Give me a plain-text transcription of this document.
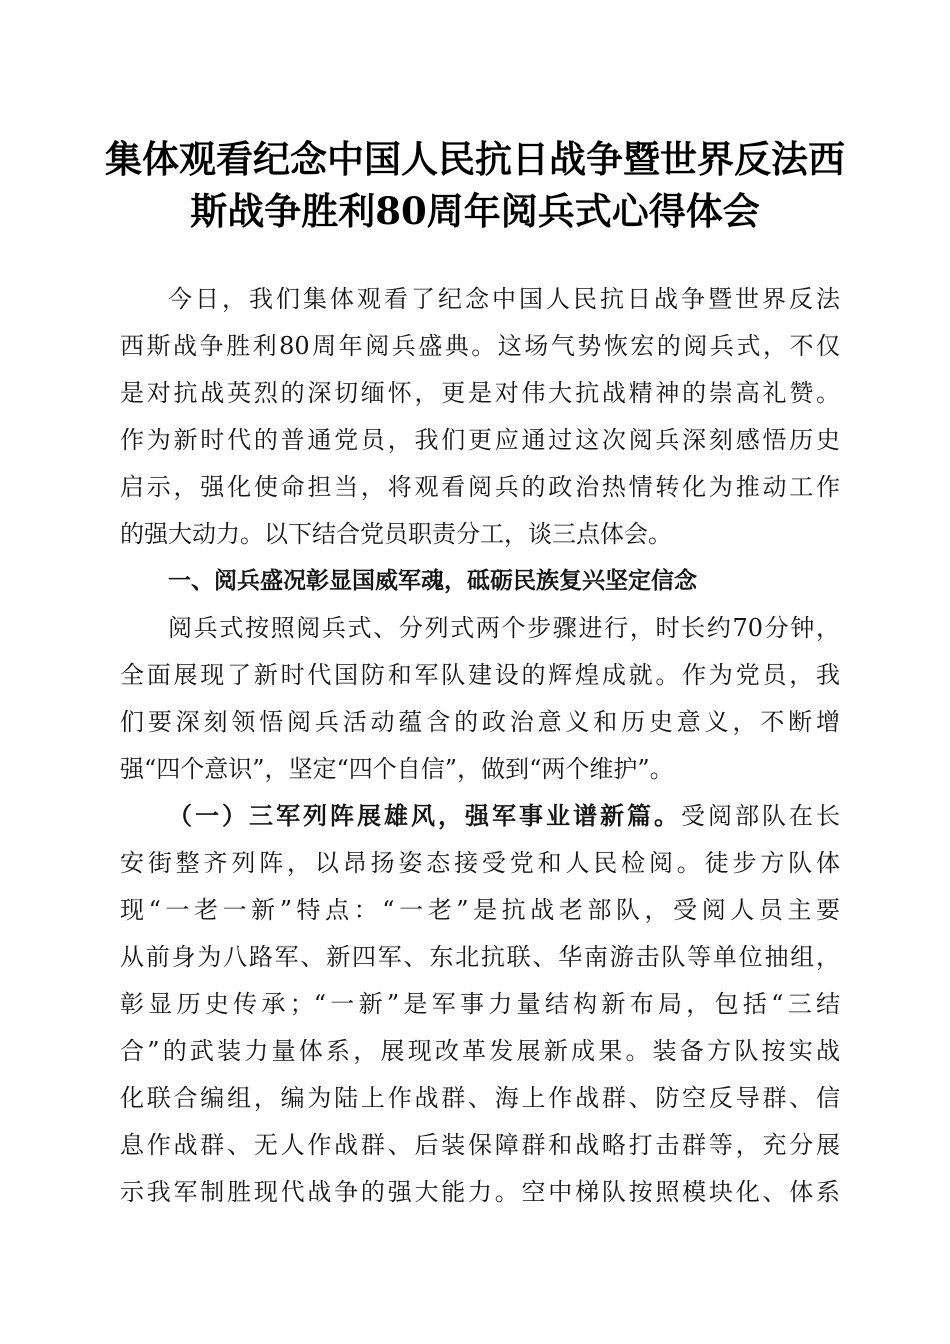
集体观看纪念中国人民抗日战争暨世界反法西
斯战争胜利80周年阅兵式心得体会
今日，我们集体观看了纪念中国人民抗日战争暨世界反法
西斯战争胜利80周年阅兵盛典。这场气势恢宏的阅兵式，不仅
是对抗战英烈的深切缅怀，更是对伟大抗战精神的崇高礼赞。
作为新时代的普通党员，我们更应通过这次阅兵深刻感悟历史
启示，强化使命担当，将观看阅兵的政治热情转化为推动工作
的强大动力。以下结合党员职责分工，谈三点体会。
一、阅兵盛况彰显国威军魂，砥砺民族复兴坚定信念
阅兵式按照阅兵式、分列式两个步骤进行，时长约70分钟，
全面展现了新时代国防和军队建设的辉煌成就。作为党员，我
们要深刻领悟阅兵活动蕴含的政治意义和历史意义，不断增
强“四个意识”，坚定“四个自信”，做到“两个维护”。
（一）三军列阵展雄风，强军事业谱新篇。受阅部队在长
安街整齐列阵，以昂扬姿态接受党和人民检阅。徒步方队体
现“一老一新”特点：“一老”是抗战老部队，受阅人员主要
从前身为八路军、新四军、东北抗联、华南游击队等单位抽组，
彰显历史传承；“一新”是军事力量结构新布局，包括“三结
合”的武装力量体系，展现改革发展新成果。装备方队按实战
化联合编组，编为陆上作战群、海上作战群、防空反导群、信
息作战群、无人作战群、后装保障群和战略打击群等，充分展
示我军制胜现代战争的强大能力。空中梯队按照模块化、体系
